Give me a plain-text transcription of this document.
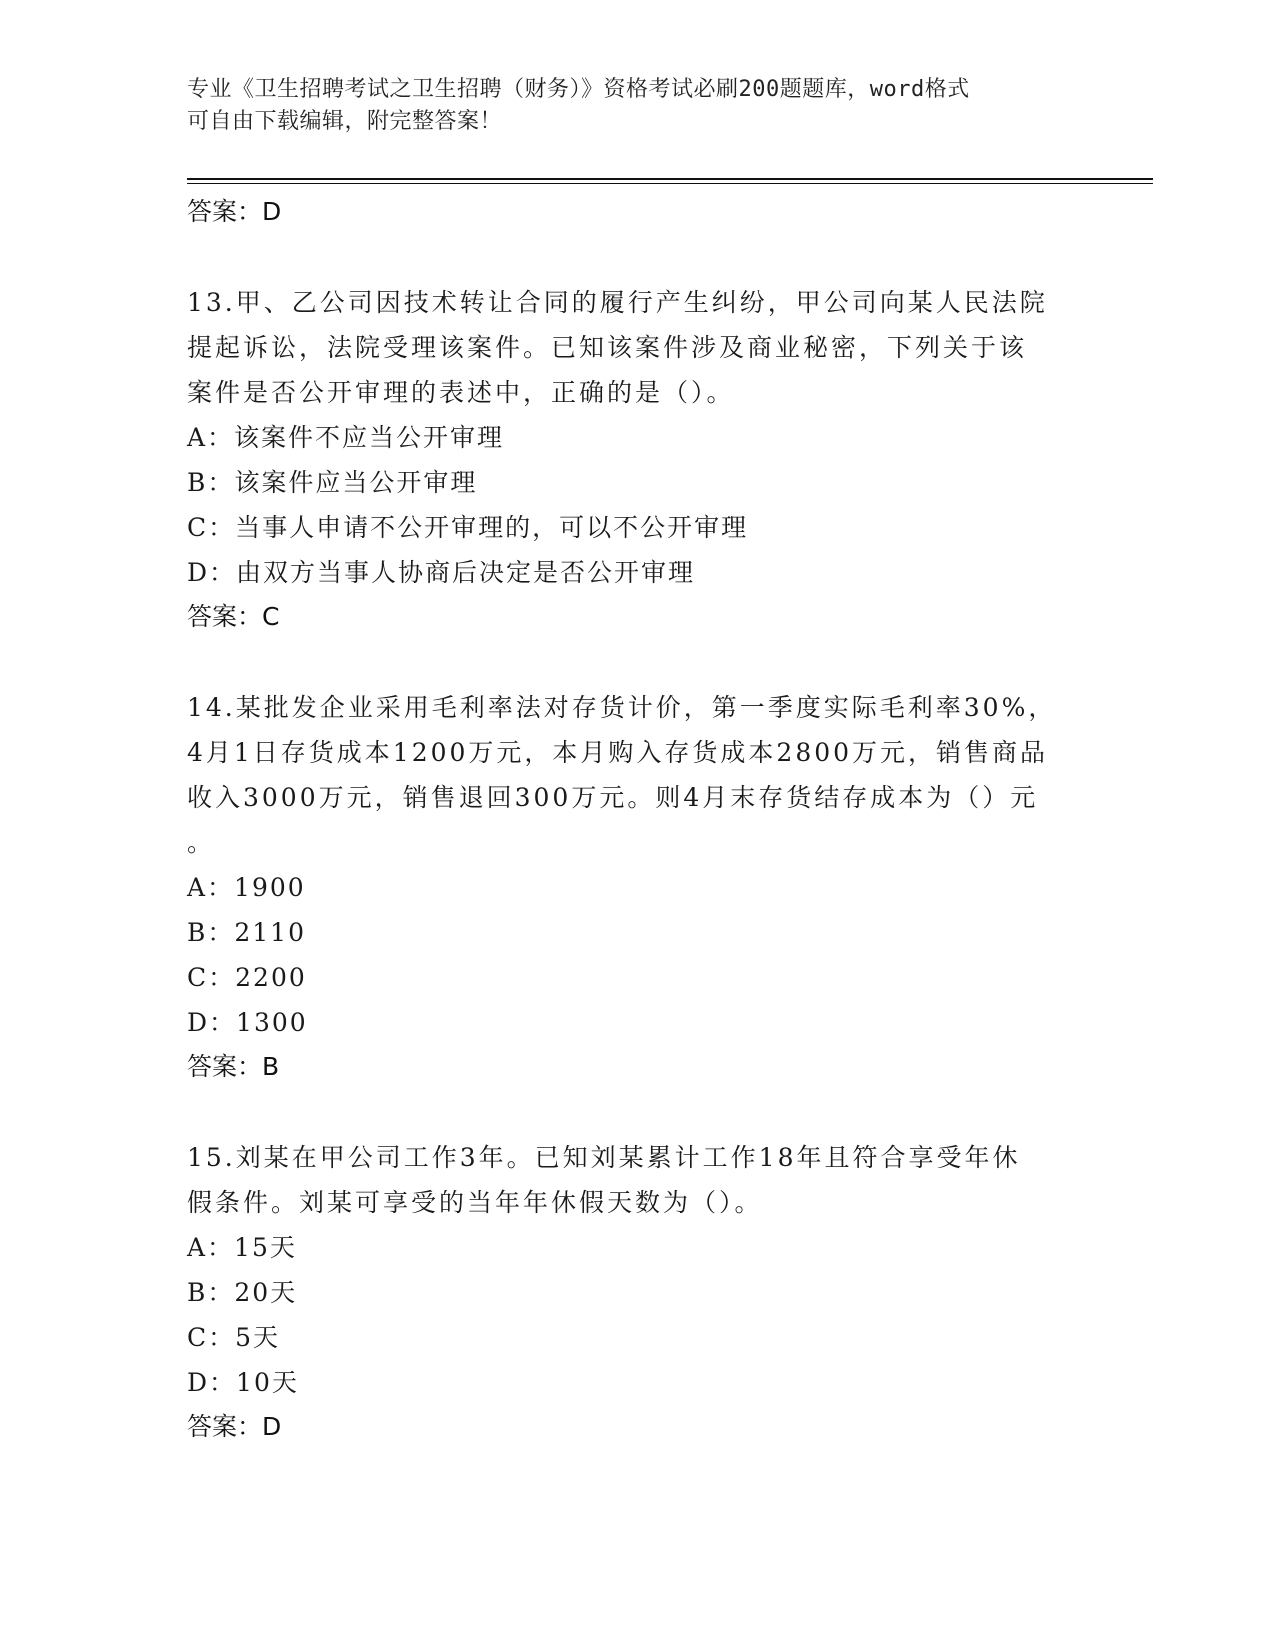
专业《卫生招聘考试之卫生招聘（财务）》资格考试必刷200题题库，word格式
可自由下载编辑，附完整答案！
答案：D
13.甲、乙公司因技术转让合同的履行产生纠纷，甲公司向某人民法院
提起诉讼，法院受理该案件。已知该案件涉及商业秘密，下列关于该
案件是否公开审理的表述中，正确的是（）。
A：该案件不应当公开审理
B：该案件应当公开审理
C：当事人申请不公开审理的，可以不公开审理
D：由双方当事人协商后决定是否公开审理
答案：C
14.某批发企业采用毛利率法对存货计价，第一季度实际毛利率30%，
4月1日存货成本1200万元，本月购入存货成本2800万元，销售商品
收入3000万元，销售退回300万元。则4月末存货结存成本为（）元
。
A：1900
B：2110
C：2200
D：1300
答案：B
15.刘某在甲公司工作3年。已知刘某累计工作18年且符合享受年休
假条件。刘某可享受的当年年休假天数为（）。
A：15天
B：20天
C：5天
D：10天
答案：D
